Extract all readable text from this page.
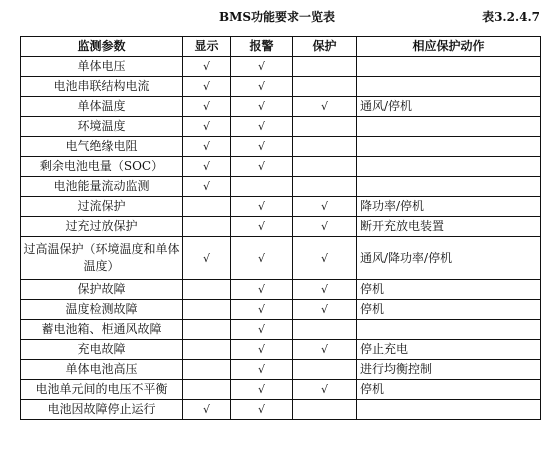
BMS功能要求一览表	表3.2.4.7
监测参数	显示	报警	保护	相应保护动作
单体电压	√	√		
电池串联结构电流	√	√		
单体温度	√	√	√	通风/停机
环境温度	√	√		
电气绝缘电阻	√	√		
剩余电池电量（SOC）	√	√		
电池能量流动监测	√			
过流保护		√	√	降功率/停机
过充过放保护		√	√	断开充放电装置
过高温保护（环境温度和单体温度）	√	√	√	通风/降功率/停机
保护故障		√	√	停机
温度检测故障		√	√	停机
蓄电池箱、柜通风故障		√		
充电故障		√	√	停止充电
单体电池高压		√		进行均衡控制
电池单元间的电压不平衡		√	√	停机
电池因故障停止运行	√	√		
